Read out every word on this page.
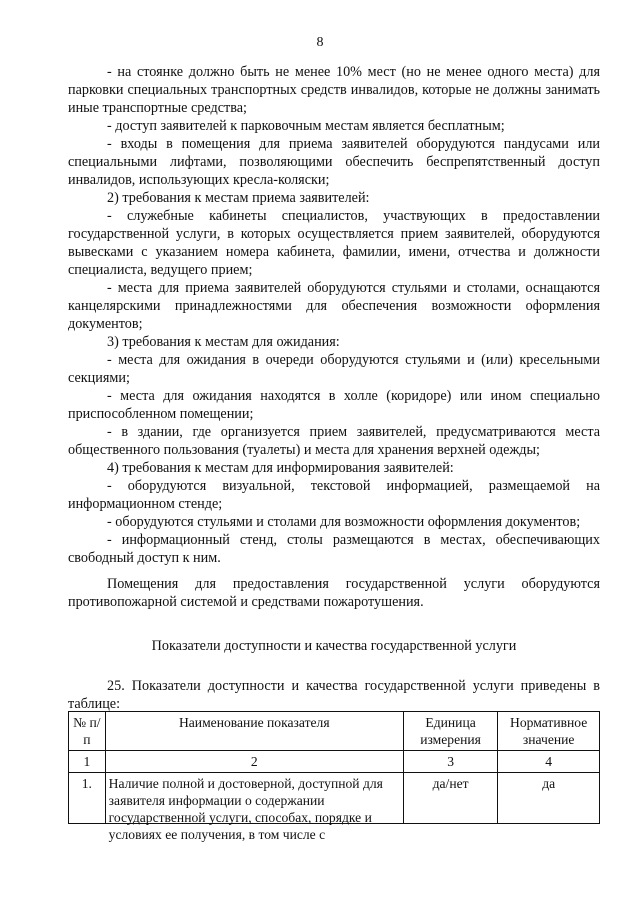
8

- на стоянке должно быть не менее 10% мест (но не менее одного места) для парковки специальных транспортных средств инвалидов, которые не должны занимать иные транспортные средства;

- доступ заявителей к парковочным местам является бесплатным;

- входы в помещения для приема заявителей оборудуются пандусами или специальными лифтами, позволяющими обеспечить беспрепятственный доступ инвалидов, использующих кресла-коляски;

2) требования к местам приема заявителей:

- служебные кабинеты специалистов, участвующих в предоставлении государственной услуги, в которых осуществляется прием заявителей, оборудуются вывесками с указанием номера кабинета, фамилии, имени, отчества и должности специалиста, ведущего прием;

- места для приема заявителей оборудуются стульями и столами, оснащаются канцелярскими принадлежностями для обеспечения возможности оформления документов;

3) требования к местам для ожидания:

- места для ожидания в очереди оборудуются стульями и (или) кресельными секциями;

- места для ожидания находятся в холле (коридоре) или ином специально приспособленном помещении;

- в здании, где организуется прием заявителей, предусматриваются места общественного пользования (туалеты) и места для хранения верхней одежды;

4) требования к местам для информирования заявителей:

- оборудуются визуальной, текстовой информацией, размещаемой на информационном стенде;

- оборудуются стульями и столами для возможности оформления документов;

- информационный стенд, столы размещаются в местах, обеспечивающих свободный доступ к ним.

Помещения для предоставления государственной услуги оборудуются противопожарной системой и средствами пожаротушения.

Показатели доступности и качества государственной услуги

25. Показатели доступности и качества государственной услуги приведены в таблице:

№ п/п	Наименование показателя	Единица измерения	Нормативное значение
1	2	3	4
1.	Наличие полной и достоверной, доступной для заявителя информации о содержании государственной услуги, способах, порядке и условиях ее получения, в том числе с	да/нет	да
